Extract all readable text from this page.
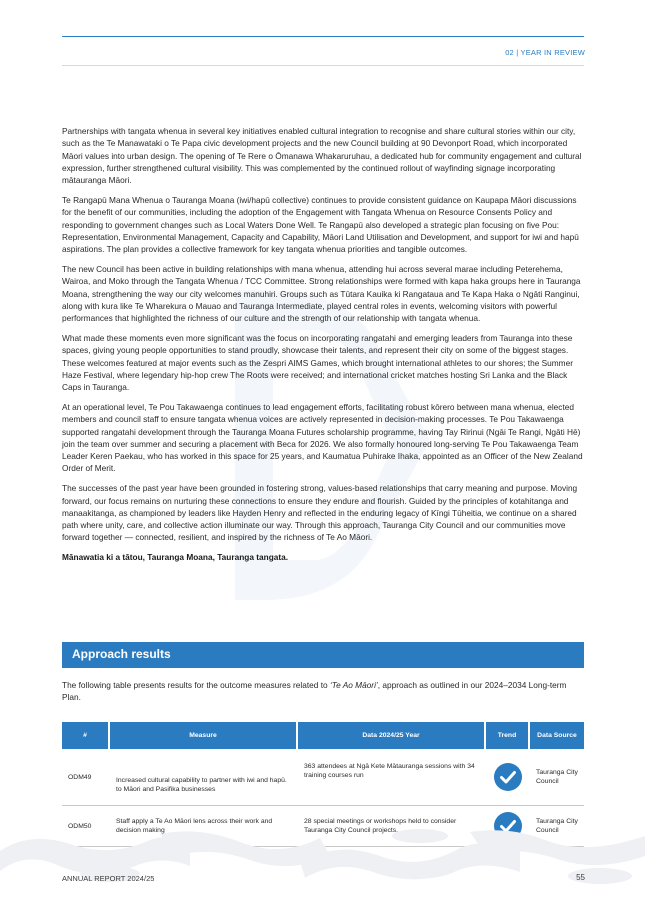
02 | YEAR IN REVIEW

Partnerships with tangata whenua in several key initiatives enabled cultural integration to recognise and share cultural stories within our city, such as the Te Manawataki o Te Papa civic development projects and the new Council building at 90 Devonport Road, which incorporated Māori values into urban design. The opening of Te Rere o Ōmanawa Whakaruruhau, a dedicated hub for community engagement and cultural expression, further strengthened cultural visibility. This was complemented by the continued rollout of wayfinding signage incorporating mātauranga Māori.

Te Rangapū Mana Whenua o Tauranga Moana (iwi/hapū collective) continues to provide consistent guidance on Kaupapa Māori discussions for the benefit of our communities, including the adoption of the Engagement with Tangata Whenua on Resource Consents Policy and responding to government changes such as Local Waters Done Well. Te Rangapū also developed a strategic plan focusing on five Pou: Representation, Environmental Management, Capacity and Capability, Māori Land Utilisation and Development, and support for iwi and hapū aspirations. The plan provides a collective framework for key tangata whenua priorities and tangible outcomes.

The new Council has been active in building relationships with mana whenua, attending hui across several marae including Peterehema, Wairoa, and Moko through the Tangata Whenua / TCC Committee. Strong relationships were formed with kapa haka groups here in Tauranga Moana, strengthening the way our city welcomes manuhiri. Groups such as Tūtara Kauika ki Rangataua and Te Kapa Haka o Ngāti Ranginui, along with kura like Te Wharekura o Mauao and Tauranga Intermediate, played central roles in events, welcoming visitors with powerful performances that highlighted the richness of our culture and the strength of our relationship with tangata whenua.

What made these moments even more significant was the focus on incorporating rangatahi and emerging leaders from Tauranga into these spaces, giving young people opportunities to stand proudly, showcase their talents, and represent their city on some of the biggest stages. These welcomes featured at major events such as the Zespri AIMS Games, which brought international athletes to our shores; the Summer Haze Festival, where legendary hip-hop crew The Roots were received; and international cricket matches hosting Sri Lanka and the Black Caps in Tauranga.

At an operational level, Te Pou Takawaenga continues to lead engagement efforts, facilitating robust kōrero between mana whenua, elected members and council staff to ensure tangata whenua voices are actively represented in decision-making processes. Te Pou Takawaenga supported rangatahi development through the Tauranga Moana Futures scholarship programme, having Tay Ririnui (Ngāi Te Rangi, Ngāti Hē) join the team over summer and securing a placement with Beca for 2026. We also formally honoured long-serving Te Pou Takawaenga Team Leader Keren Paekau, who has worked in this space for 25 years, and Kaumatua Puhirake Ihaka, appointed as an Officer of the New Zealand Order of Merit.

The successes of the past year have been grounded in fostering strong, values-based relationships that carry meaning and purpose. Moving forward, our focus remains on nurturing these connections to ensure they endure and flourish. Guided by the principles of kotahitanga and manaakitanga, as championed by leaders like Hayden Henry and reflected in the enduring legacy of Kīngi Tūheitia, we continue on a shared path where unity, care, and collective action illuminate our way. Through this approach, Tauranga City Council and our communities move forward together — connected, resilient, and inspired by the richness of Te Ao Māori.

Mānawatia ki a tātou, Tauranga Moana, Tauranga tangata.

Approach results

The following table presents results for the outcome measures related to ‘Te Ao Māori’, approach as outlined in our 2024–2034 Long-term Plan.

#	Measure	Data 2024/25 Year	Trend	Data Source
ODM49	Increased cultural capability to partner with iwi and hapū. to Māori and Pasifika businesses	363 attendees at Ngā Kete Mātauranga sessions with 34 training courses run		Tauranga City Council
ODM50	Staff apply a Te Ao Māori lens across their work and decision making	28 special meetings or workshops held to consider Tauranga City Council projects.		Tauranga City Council
ANNUAL REPORT 2024/25	55
